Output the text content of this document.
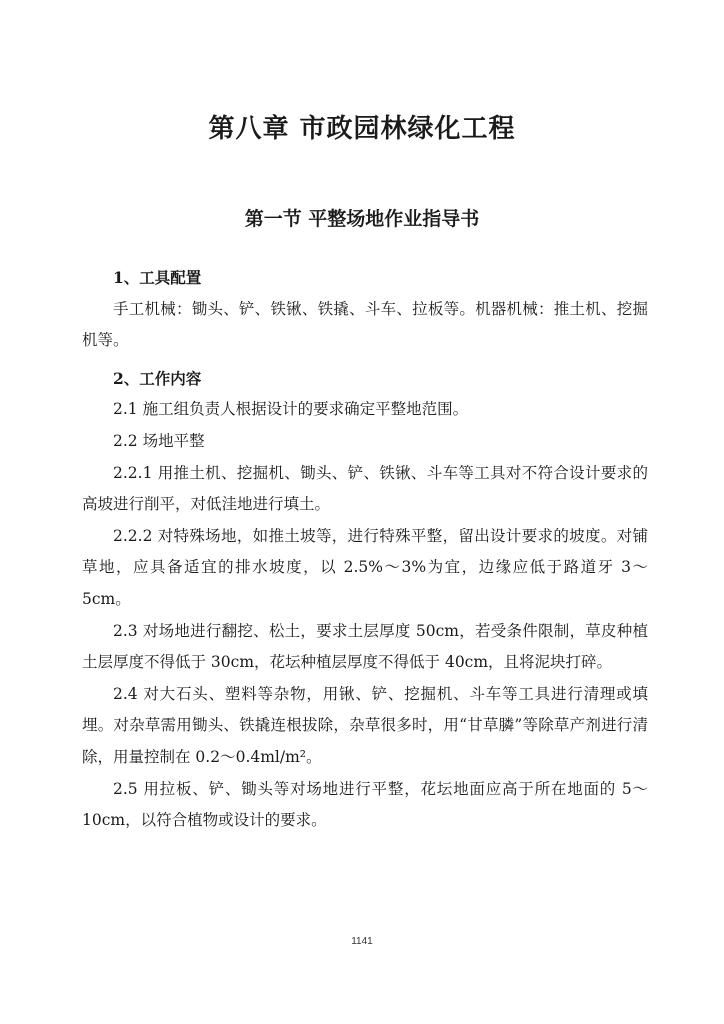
第八章 市政园林绿化工程
第一节 平整场地作业指导书

1、工具配置

手工机械：锄头、铲、铁锹、铁撬、斗车、拉板等。机器机械：推土机、挖掘机等。

2、工作内容

2.1 施工组负责人根据设计的要求确定平整地范围。

2.2 场地平整

2.2.1 用推土机、挖掘机、锄头、铲、铁锹、斗车等工具对不符合设计要求的高坡进行削平，对低洼地进行填土。

2.2.2 对特殊场地，如推土坡等，进行特殊平整，留出设计要求的坡度。对铺草地，应具备适宜的排水坡度，以 2.5%～3%为宜，边缘应低于路道牙 3～5cm。

2.3 对场地进行翻挖、松土，要求土层厚度 50cm，若受条件限制，草皮种植土层厚度不得低于 30cm，花坛种植层厚度不得低于 40cm，且将泥块打碎。

2.4 对大石头、塑料等杂物，用锹、铲、挖掘机、斗车等工具进行清理或填埋。对杂草需用锄头、铁撬连根拔除，杂草很多时，用“甘草膦”等除草产剂进行清除，用量控制在 0.2～0.4ml/m²。

2.5 用拉板、铲、锄头等对场地进行平整，花坛地面应高于所在地面的 5～10cm，以符合植物或设计的要求。

1141
